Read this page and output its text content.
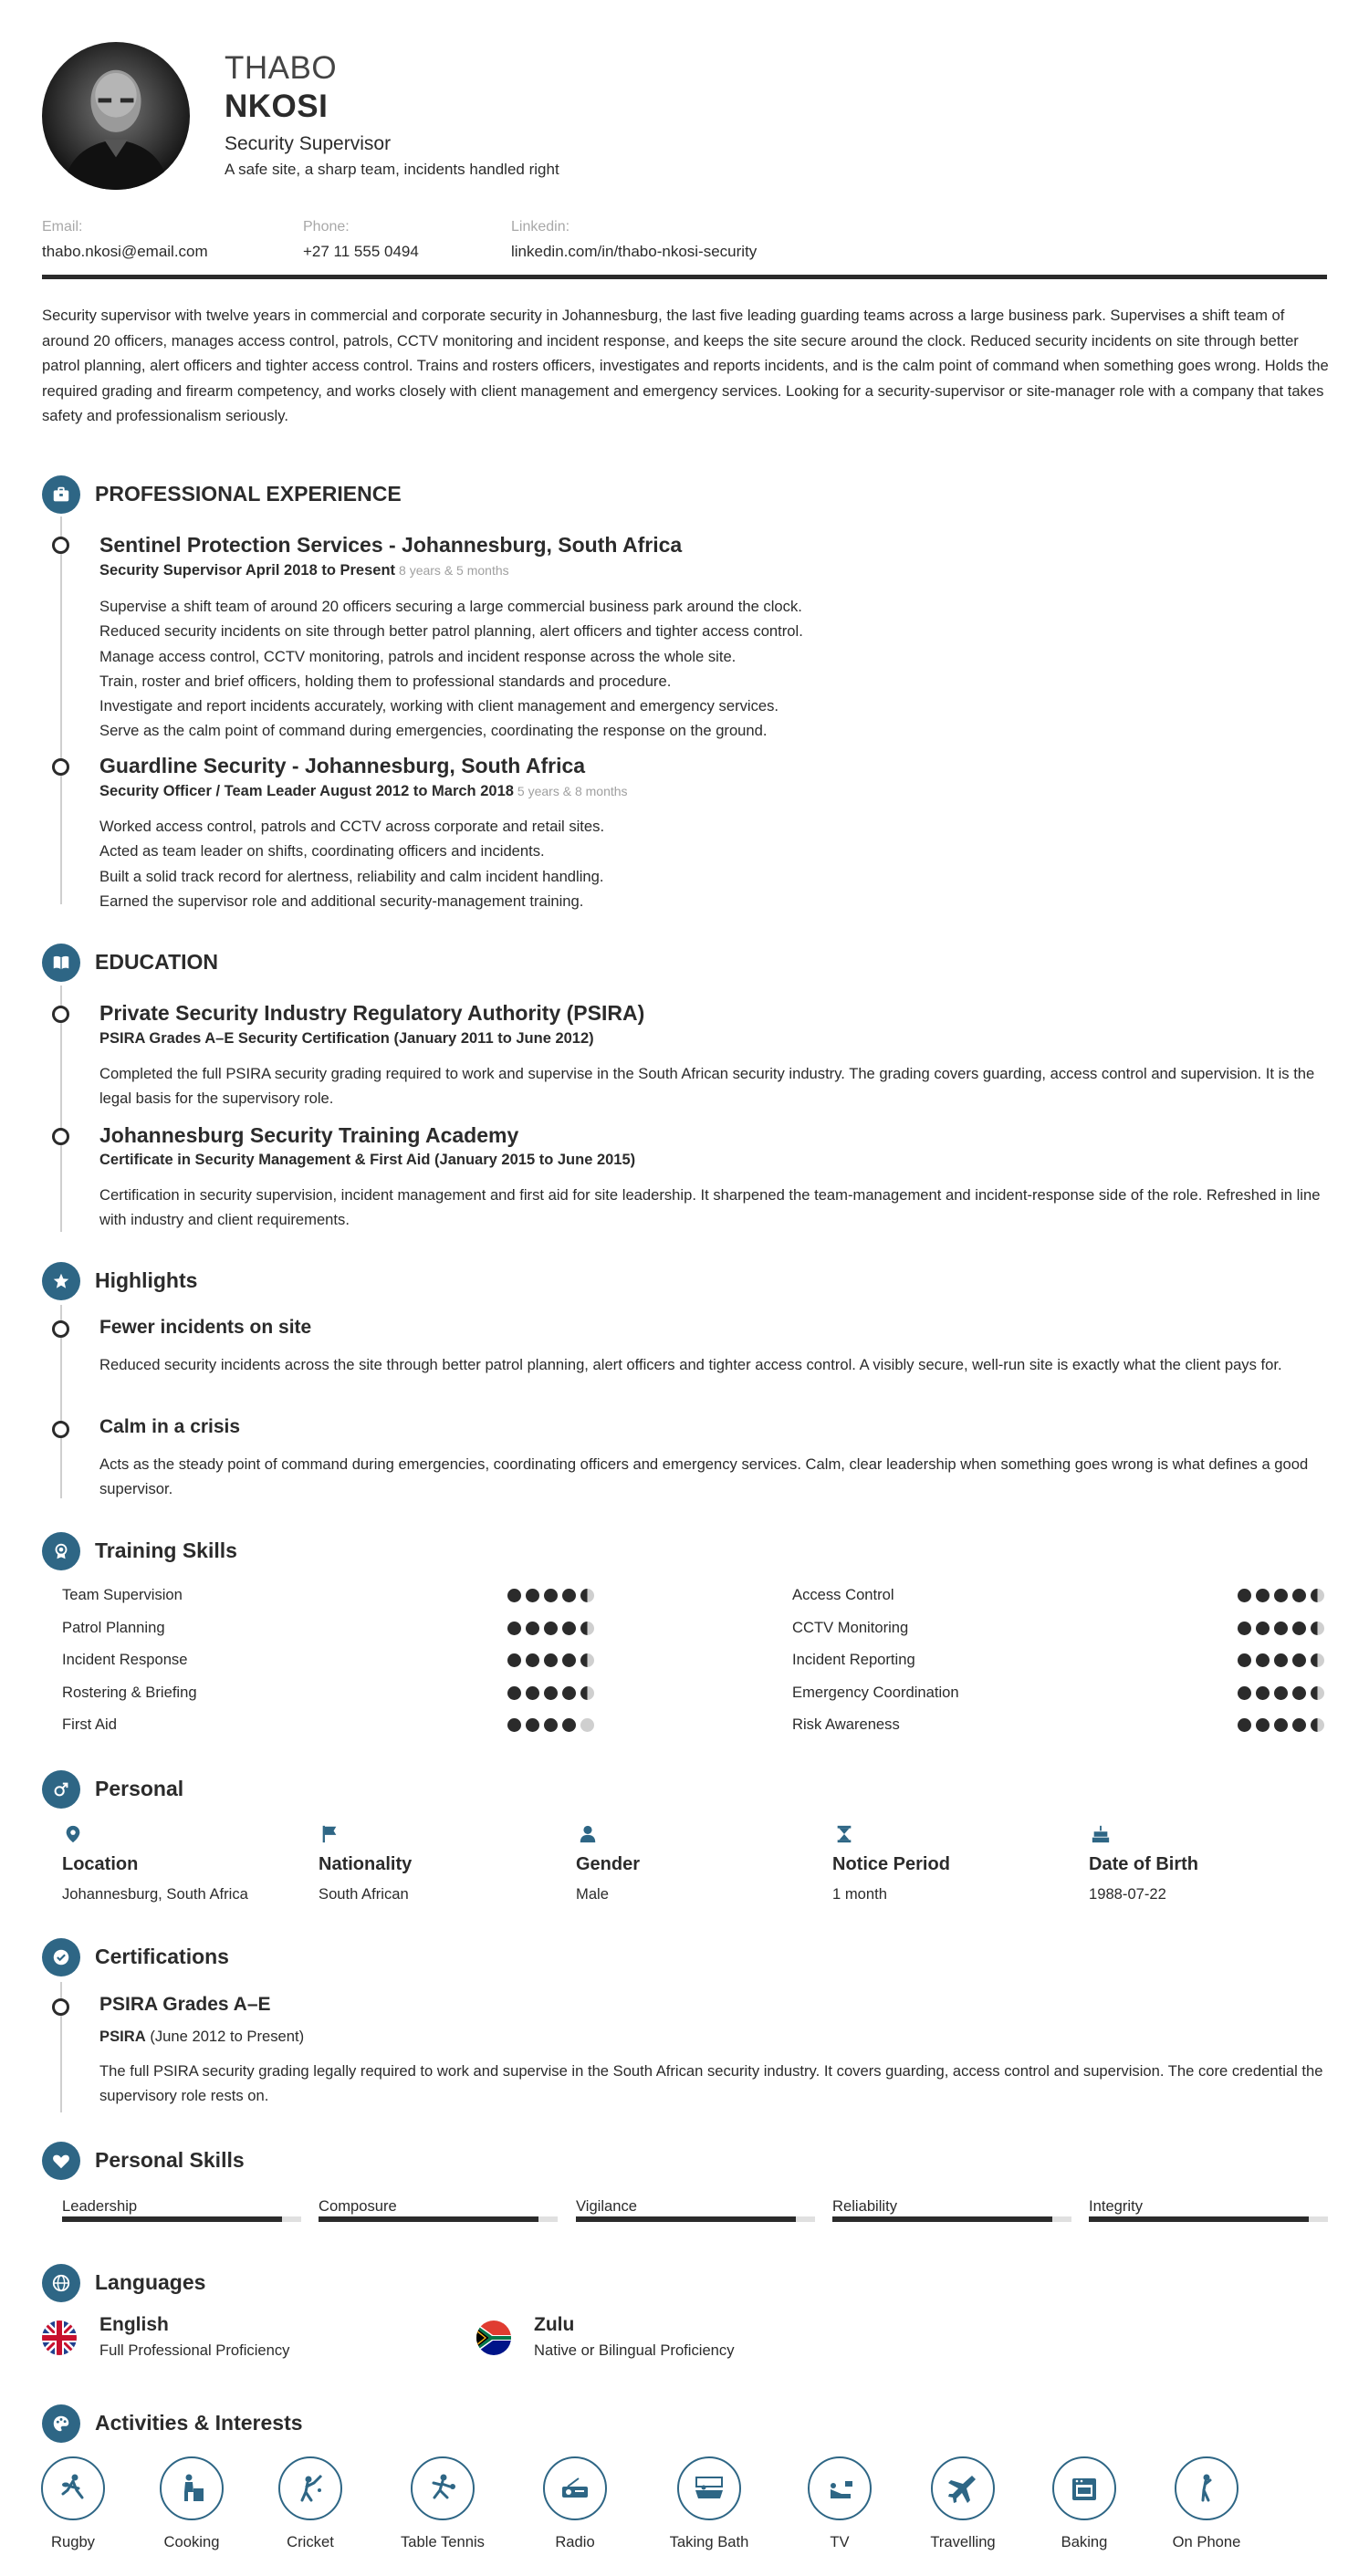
THABO
NKOSI
Security Supervisor
A safe site, a sharp team, incidents handled right
Email:
thabo.nkosi@email.com
Phone:
+27 11 555 0494
Linkedin:
linkedin.com/in/thabo-nkosi-security
Security supervisor with twelve years in commercial and corporate security in Johannesburg, the last five leading guarding teams across a large business park. Supervises a shift team of around 20 officers, manages access control, patrols, CCTV monitoring and incident response, and keeps the site secure around the clock. Reduced security incidents on site through better patrol planning, alert officers and tighter access control. Trains and rosters officers, investigates and reports incidents, and is the calm point of command when something goes wrong. Holds the required grading and firearm competency, and works closely with client management and emergency services. Looking for a security-supervisor or site-manager role with a company that takes safety and professionalism seriously.
PROFESSIONAL EXPERIENCE
Sentinel Protection Services - Johannesburg, South Africa
Security Supervisor April 2018 to Present 8 years & 5 months
Supervise a shift team of around 20 officers securing a large commercial business park around the clock.
Reduced security incidents on site through better patrol planning, alert officers and tighter access control.
Manage access control, CCTV monitoring, patrols and incident response across the whole site.
Train, roster and brief officers, holding them to professional standards and procedure.
Investigate and report incidents accurately, working with client management and emergency services.
Serve as the calm point of command during emergencies, coordinating the response on the ground.
Guardline Security - Johannesburg, South Africa
Security Officer / Team Leader August 2012 to March 2018 5 years & 8 months
Worked access control, patrols and CCTV across corporate and retail sites.
Acted as team leader on shifts, coordinating officers and incidents.
Built a solid track record for alertness, reliability and calm incident handling.
Earned the supervisor role and additional security-management training.
EDUCATION
Private Security Industry Regulatory Authority (PSIRA)
PSIRA Grades A–E Security Certification (January 2011 to June 2012)
Completed the full PSIRA security grading required to work and supervise in the South African security industry. The grading covers guarding, access control and supervision. It is the legal basis for the supervisory role.
Johannesburg Security Training Academy
Certificate in Security Management & First Aid (January 2015 to June 2015)
Certification in security supervision, incident management and first aid for site leadership. It sharpened the team-management and incident-response side of the role. Refreshed in line with industry and client requirements.
Highlights
Fewer incidents on site
Reduced security incidents across the site through better patrol planning, alert officers and tighter access control. A visibly secure, well-run site is exactly what the client pays for.
Calm in a crisis
Acts as the steady point of command during emergencies, coordinating officers and emergency services. Calm, clear leadership when something goes wrong is what defines a good supervisor.
Training Skills
Team Supervision
Patrol Planning
Incident Response
Rostering & Briefing
First Aid
Access Control
CCTV Monitoring
Incident Reporting
Emergency Coordination
Risk Awareness
Personal
Location
Johannesburg, South Africa
Nationality
South African
Gender
Male
Notice Period
1 month
Date of Birth
1988-07-22
Certifications
PSIRA Grades A–E
PSIRA (June 2012 to Present)
The full PSIRA security grading legally required to work and supervise in the South African security industry. It covers guarding, access control and supervision. The core credential the supervisory role rests on.
Personal Skills
Leadership	Composure	Vigilance	Reliability	Integrity
Languages
English
Full Professional Proficiency
Zulu
Native or Bilingual Proficiency
Activities & Interests
Rugby	Cooking	Cricket	Table Tennis	Radio	Taking Bath	TV	Travelling	Baking	On Phone
